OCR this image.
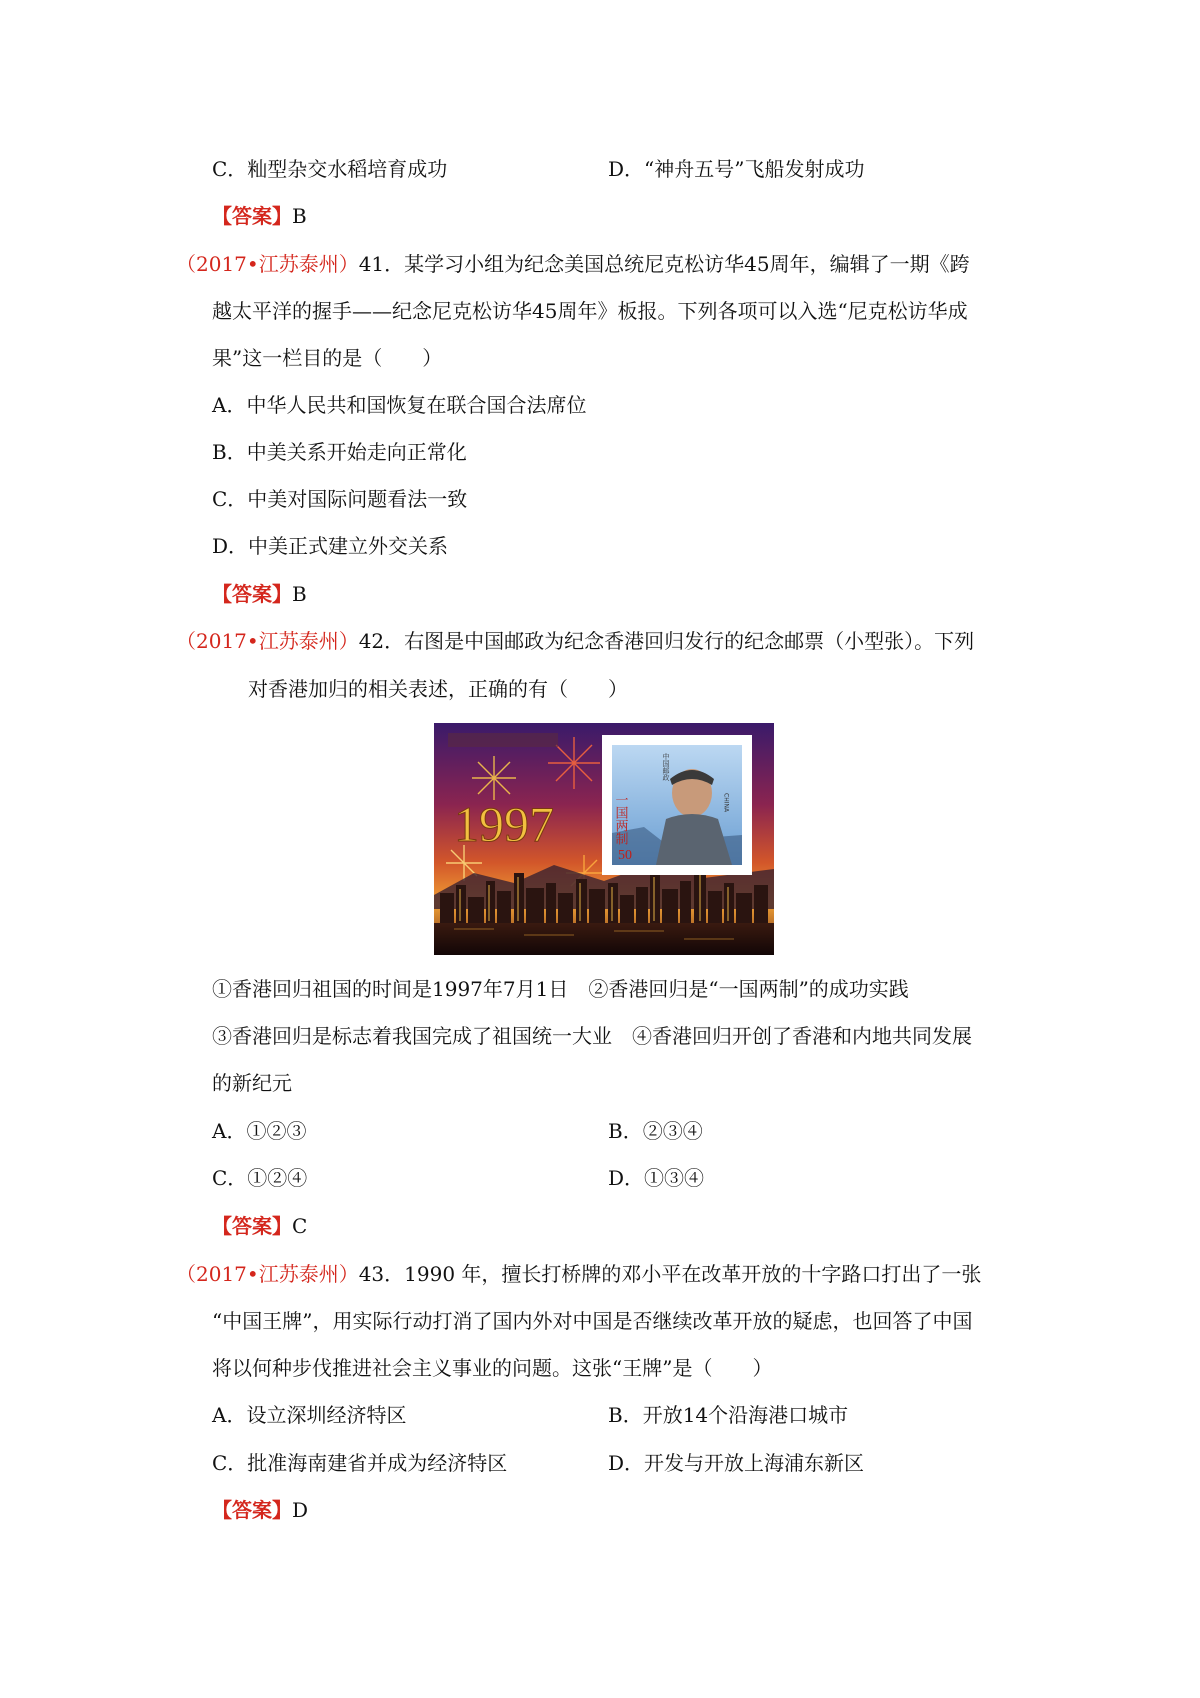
C．籼型杂交水稻培育成功	D．“神舟五号”飞船发射成功
【答案】B
（2017•江苏泰州）41．某学习小组为纪念美国总统尼克松访华45周年，编辑了一期《跨
越太平洋的握手——纪念尼克松访华45周年》板报。下列各项可以入选“尼克松访华成
果”这一栏目的是（　　）
A．中华人民共和国恢复在联合国合法席位
B．中美关系开始走向正常化
C．中美对国际问题看法一致
D．中美正式建立外交关系
【答案】B
（2017•江苏泰州）42．右图是中国邮政为纪念香港回归发行的纪念邮票（小型张）。下列
对香港加归的相关表述，正确的有（　　）
1997	一国两制
中国邮政
CHINA
50
①香港回归祖国的时间是1997年7月1日　②香港回归是“一国两制”的成功实践
③香港回归是标志着我国完成了祖国统一大业　④香港回归开创了香港和内地共同发展
的新纪元
A．①②③	B．②③④
C．①②④	D．①③④
【答案】C
（2017•江苏泰州）43．1990 年，擅长打桥牌的邓小平在改革开放的十字路口打出了一张
“中国王牌”，用实际行动打消了国内外对中国是否继续改革开放的疑虑，也回答了中国
将以何种步伐推进社会主义事业的问题。这张“王牌”是（　　）
A．设立深圳经济特区	B．开放14个沿海港口城市
C．批准海南建省并成为经济特区	D．开发与开放上海浦东新区
【答案】D
